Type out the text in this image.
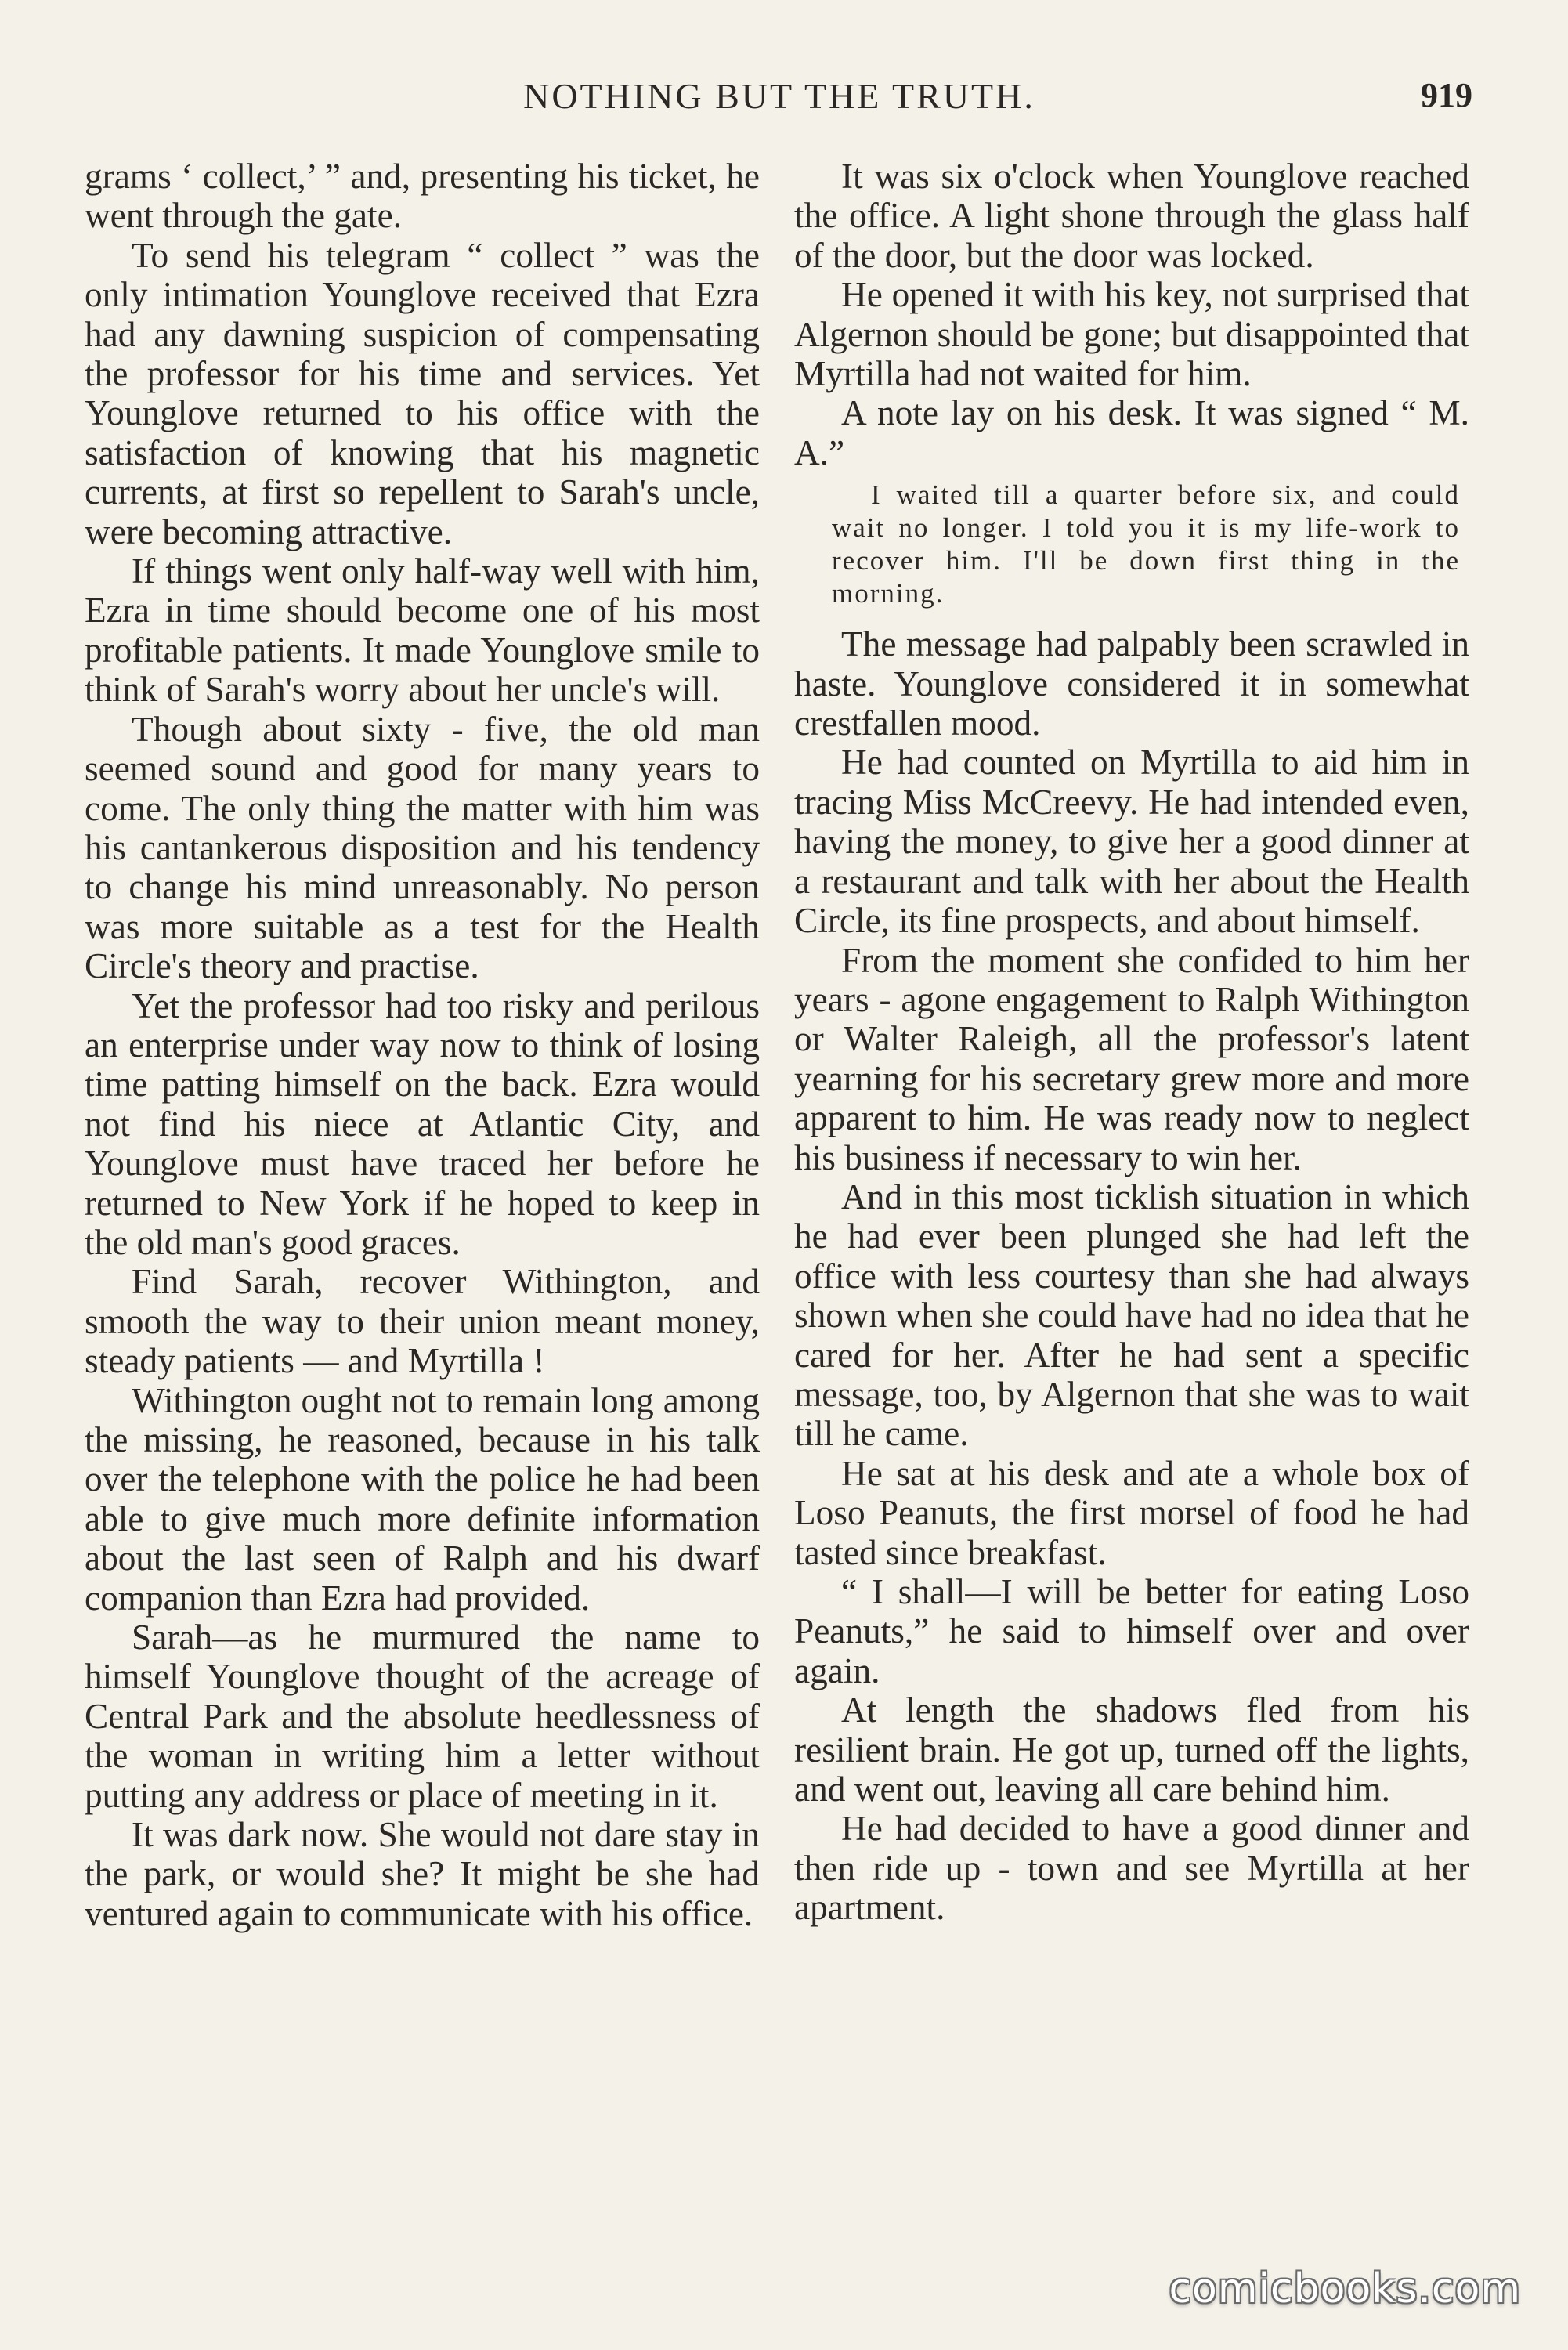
NOTHING BUT THE TRUTH.	919

grams ‘ collect,’ ” and, presenting his ticket, he went through the gate.

To send his telegram “ collect ” was the only intimation Younglove received that Ezra had any dawning suspicion of compensating the professor for his time and services. Yet Younglove returned to his office with the satisfaction of knowing that his magnetic currents, at first so repellent to Sarah's uncle, were becoming attractive.

If things went only half-way well with him, Ezra in time should become one of his most profitable patients. It made Younglove smile to think of Sarah's worry about her uncle's will.

Though about sixty - five, the old man seemed sound and good for many years to come. The only thing the matter with him was his cantankerous disposition and his tendency to change his mind unreasonably. No person was more suitable as a test for the Health Circle's theory and practise.

Yet the professor had too risky and perilous an enterprise under way now to think of losing time patting himself on the back. Ezra would not find his niece at Atlantic City, and Younglove must have traced her before he returned to New York if he hoped to keep in the old man's good graces.

Find Sarah, recover Withington, and smooth the way to their union meant money, steady patients — and Myrtilla !

Withington ought not to remain long among the missing, he reasoned, because in his talk over the telephone with the police he had been able to give much more definite information about the last seen of Ralph and his dwarf companion than Ezra had provided.

Sarah—as he murmured the name to himself Younglove thought of the acreage of Central Park and the absolute heedlessness of the woman in writing him a letter without putting any address or place of meeting in it.

It was dark now. She would not dare stay in the park, or would she? It might be she had ventured again to communicate with his office.

It was six o'clock when Younglove reached the office. A light shone through the glass half of the door, but the door was locked.

He opened it with his key, not surprised that Algernon should be gone; but disappointed that Myrtilla had not waited for him.

A note lay on his desk. It was signed “ M. A.”

I waited till a quarter before six, and could wait no longer. I told you it is my life-work to recover him. I'll be down first thing in the morning.

The message had palpably been scrawled in haste. Younglove considered it in somewhat crestfallen mood.

He had counted on Myrtilla to aid him in tracing Miss McCreevy. He had intended even, having the money, to give her a good dinner at a restaurant and talk with her about the Health Circle, its fine prospects, and about himself.

From the moment she confided to him her years - agone engagement to Ralph Withington or Walter Raleigh, all the professor's latent yearning for his secretary grew more and more apparent to him. He was ready now to neglect his business if necessary to win her.

And in this most ticklish situation in which he had ever been plunged she had left the office with less courtesy than she had always shown when she could have had no idea that he cared for her. After he had sent a specific message, too, by Algernon that she was to wait till he came.

He sat at his desk and ate a whole box of Loso Peanuts, the first morsel of food he had tasted since breakfast.

“ I shall—I will be better for eating Loso Peanuts,” he said to himself over and over again.

At length the shadows fled from his resilient brain. He got up, turned off the lights, and went out, leaving all care behind him.

He had decided to have a good dinner and then ride up - town and see Myrtilla at her apartment.

comicbooks.com
